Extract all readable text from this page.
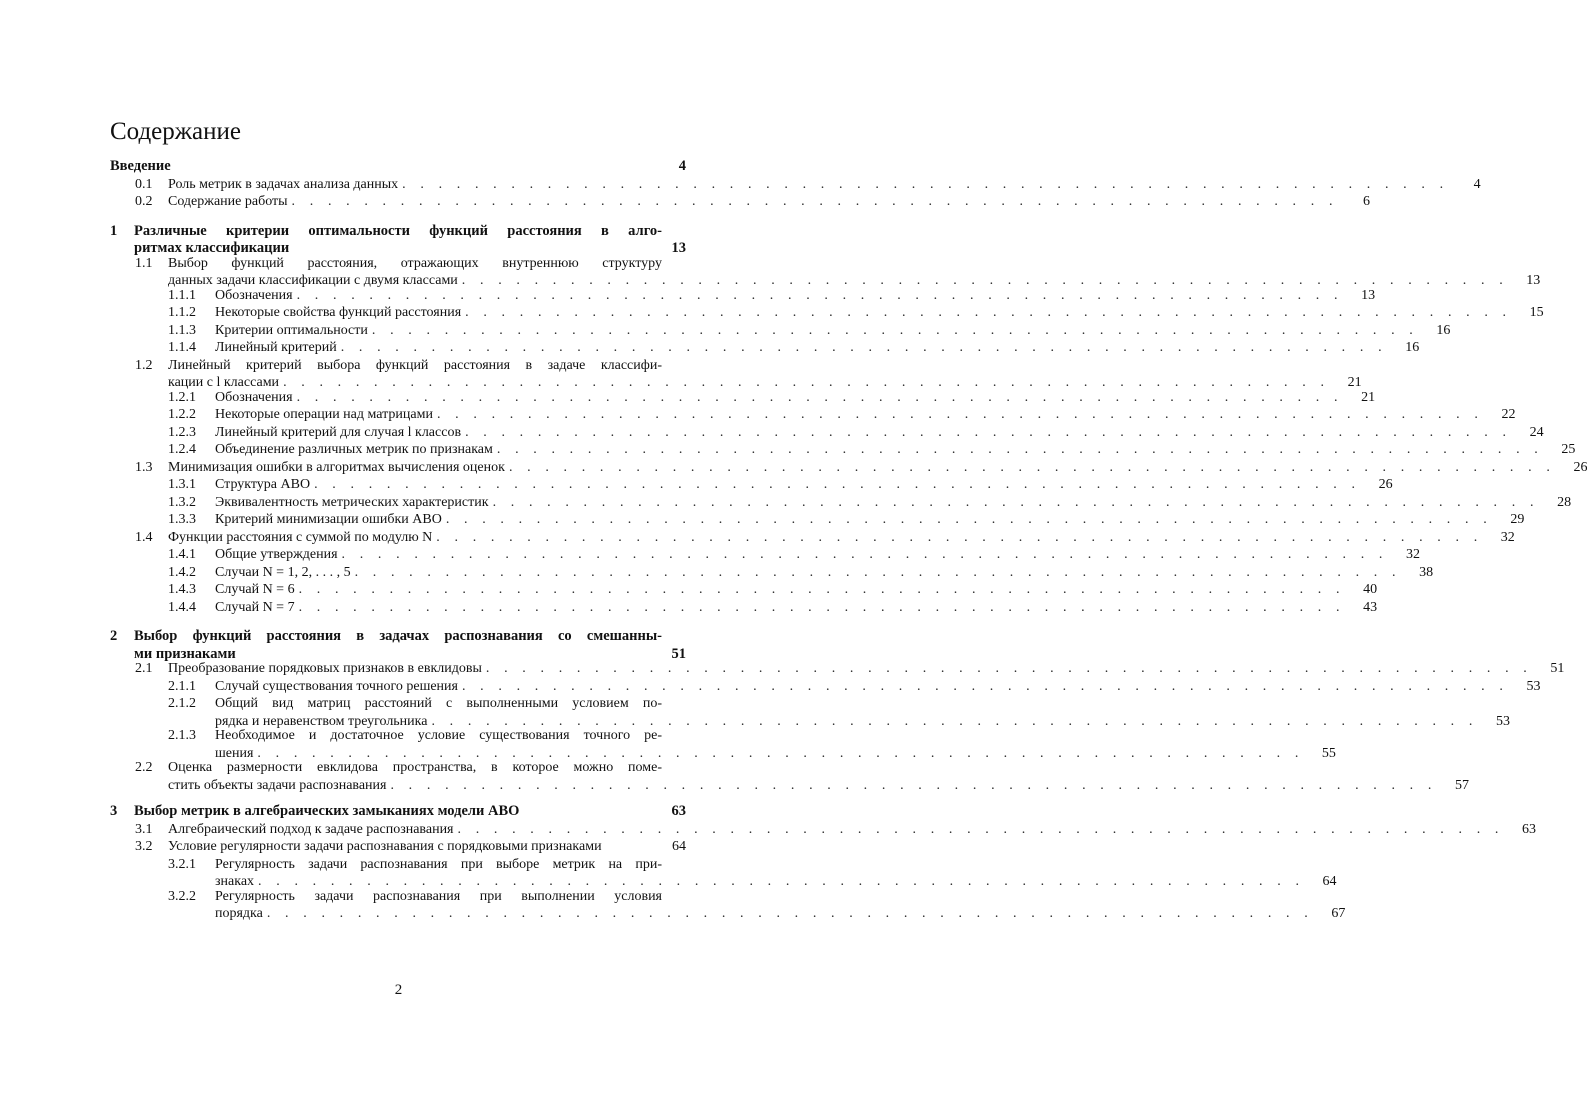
Содержание
Введение	4
0.1 Роль метрик в задачах анализа данных . . . . . . . . . . . . . . . . . . . . . . . . . . . . . . . . . . . . . . . . . . . . . . . . . . . . . . . . . .	4
0.2 Содержание работы . . . . . . . . . . . . . . . . . . . . . . . . . . . . . . . . . . . . . . . . . . . . . . . . . . . . . . . . . .	6
1 Различные критерии оптимальности функций расстояния в алго-
ритмах классификации	13
1.1 Выбор функций расстояния, отражающих внутреннюю структуру
данных задачи классификации с двумя классами . . . . . . . . . . . . . . . . . . . . . . . . . . . . . . . . . . . . . . . . . . . . . . . . . . . . . . . . . .	13
1.1.1 Обозначения . . . . . . . . . . . . . . . . . . . . . . . . . . . . . . . . . . . . . . . . . . . . . . . . . . . . . . . . . .	13
1.1.2 Некоторые свойства функций расстояния . . . . . . . . . . . . . . . . . . . . . . . . . . . . . . . . . . . . . . . . . . . . . . . . . . . . . . . . . .	15
1.1.3 Критерии оптимальности . . . . . . . . . . . . . . . . . . . . . . . . . . . . . . . . . . . . . . . . . . . . . . . . . . . . . . . . . .	16
1.1.4 Линейный критерий . . . . . . . . . . . . . . . . . . . . . . . . . . . . . . . . . . . . . . . . . . . . . . . . . . . . . . . . . .	16
1.2 Линейный критерий выбора функций расстояния в задаче классифи-
кации с l классами . . . . . . . . . . . . . . . . . . . . . . . . . . . . . . . . . . . . . . . . . . . . . . . . . . . . . . . . . .	21
1.2.1 Обозначения . . . . . . . . . . . . . . . . . . . . . . . . . . . . . . . . . . . . . . . . . . . . . . . . . . . . . . . . . .	21
1.2.2 Некоторые операции над матрицами . . . . . . . . . . . . . . . . . . . . . . . . . . . . . . . . . . . . . . . . . . . . . . . . . . . . . . . . . .	22
1.2.3 Линейный критерий для случая l классов . . . . . . . . . . . . . . . . . . . . . . . . . . . . . . . . . . . . . . . . . . . . . . . . . . . . . . . . . .	24
1.2.4 Объединение различных метрик по признакам . . . . . . . . . . . . . . . . . . . . . . . . . . . . . . . . . . . . . . . . . . . . . . . . . . . . . . . . . .	25
1.3 Минимизация ошибки в алгоритмах вычисления оценок . . . . . . . . . . . . . . . . . . . . . . . . . . . . . . . . . . . . . . . . . . . . . . . . . . . . . . . . . .	26
1.3.1 Структура АВО . . . . . . . . . . . . . . . . . . . . . . . . . . . . . . . . . . . . . . . . . . . . . . . . . . . . . . . . . .	26
1.3.2 Эквивалентность метрических характеристик . . . . . . . . . . . . . . . . . . . . . . . . . . . . . . . . . . . . . . . . . . . . . . . . . . . . . . . . . .	28
1.3.3 Критерий минимизации ошибки АВО . . . . . . . . . . . . . . . . . . . . . . . . . . . . . . . . . . . . . . . . . . . . . . . . . . . . . . . . . .	29
1.4 Функции расстояния с суммой по модулю N . . . . . . . . . . . . . . . . . . . . . . . . . . . . . . . . . . . . . . . . . . . . . . . . . . . . . . . . . .	32
1.4.1 Общие утверждения . . . . . . . . . . . . . . . . . . . . . . . . . . . . . . . . . . . . . . . . . . . . . . . . . . . . . . . . . .	32
1.4.2 Случаи N = 1, 2, . . . , 5 . . . . . . . . . . . . . . . . . . . . . . . . . . . . . . . . . . . . . . . . . . . . . . . . . . . . . . . . . .	38
1.4.3 Случай N = 6 . . . . . . . . . . . . . . . . . . . . . . . . . . . . . . . . . . . . . . . . . . . . . . . . . . . . . . . . . .	40
1.4.4 Случай N = 7 . . . . . . . . . . . . . . . . . . . . . . . . . . . . . . . . . . . . . . . . . . . . . . . . . . . . . . . . . .	43
2 Выбор функций расстояния в задачах распознавания со смешанны-
ми признаками	51
2.1 Преобразование порядковых признаков в евклидовы . . . . . . . . . . . . . . . . . . . . . . . . . . . . . . . . . . . . . . . . . . . . . . . . . . . . . . . . . .	51
2.1.1 Случай существования точного решения . . . . . . . . . . . . . . . . . . . . . . . . . . . . . . . . . . . . . . . . . . . . . . . . . . . . . . . . . .	53
2.1.2 Общий вид матриц расстояний с выполненными условием по-
рядка и неравенством треугольника . . . . . . . . . . . . . . . . . . . . . . . . . . . . . . . . . . . . . . . . . . . . . . . . . . . . . . . . . .	53
2.1.3 Необходимое и достаточное условие существования точного ре-
шения . . . . . . . . . . . . . . . . . . . . . . . . . . . . . . . . . . . . . . . . . . . . . . . . . . . . . . . . . .	55
2.2 Оценка размерности евклидова пространства, в которое можно поме-
стить объекты задачи распознавания . . . . . . . . . . . . . . . . . . . . . . . . . . . . . . . . . . . . . . . . . . . . . . . . . . . . . . . . . .	57
3 Выбор метрик в алгебраических замыканиях модели АВО	63
3.1 Алгебраический подход к задаче распознавания . . . . . . . . . . . . . . . . . . . . . . . . . . . . . . . . . . . . . . . . . . . . . . . . . . . . . . . . . .	63
3.2 Условие регулярности задачи распознавания с порядковыми признаками	64
3.2.1 Регулярность задачи распознавания при выборе метрик на при-
знаках . . . . . . . . . . . . . . . . . . . . . . . . . . . . . . . . . . . . . . . . . . . . . . . . . . . . . . . . . .	64
3.2.2 Регулярность задачи распознавания при выполнении условия
порядка . . . . . . . . . . . . . . . . . . . . . . . . . . . . . . . . . . . . . . . . . . . . . . . . . . . . . . . . . .	67
2
